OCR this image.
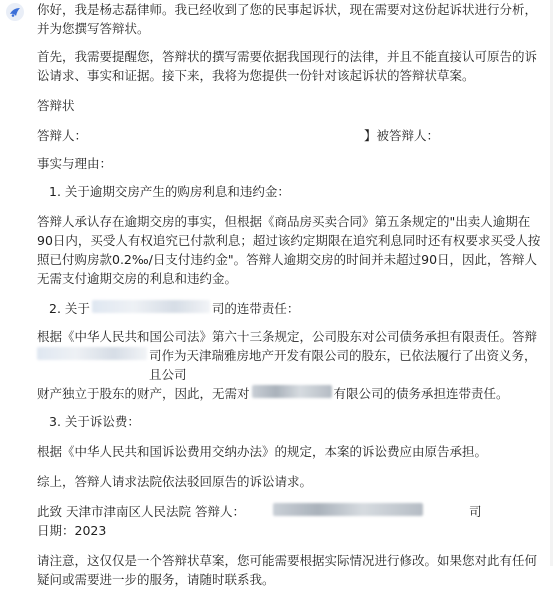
你好，我是杨志磊律师。我已经收到了您的民事起诉状，现在需要对这份起诉状进行分析，并为您撰写答辩状。

首先，我需要提醒您，答辩状的撰写需要依据我国现行的法律，并且不能直接认可原告的诉讼请求、事实和证据。接下来，我将为您提供一份针对该起诉状的答辩状草案。

答辩状

答辩人：	】被答辩人：

事实与理由：

1. 关于逾期交房产生的购房利息和违约金：

答辩人承认存在逾期交房的事实，但根据《商品房买卖合同》第五条规定的"出卖人逾期在90日内，买受人有权追究已付款利息；超过该约定期限在追究利息同时还有权要求买受人按照已付购房款0.2‰/日支付违约金"。答辩人逾期交房的时间并未超过90日，因此，答辩人无需支付逾期交房的利息和违约金。

2. 关于	司的连带责任：
根据《中华人民共和国公司法》第六十三条规定，公司股东对公司债务承担有限责任。答辩
司作为天津瑞雅房地产开发有限公司的股东，已依法履行了出资义务，且公司
财产独立于股东的财产，因此，无需对	有限公司的债务承担连带责任。

3. 关于诉讼费：

根据《中华人民共和国诉讼费用交纳办法》的规定，本案的诉讼费应由原告承担。

综上，答辩人请求法院依法驳回原告的诉讼请求。

此致 天津市津南区人民法院 答辩人：	司

日期：2023

请注意，这仅仅是一个答辩状草案，您可能需要根据实际情况进行修改。如果您对此有任何疑问或需要进一步的服务，请随时联系我。
